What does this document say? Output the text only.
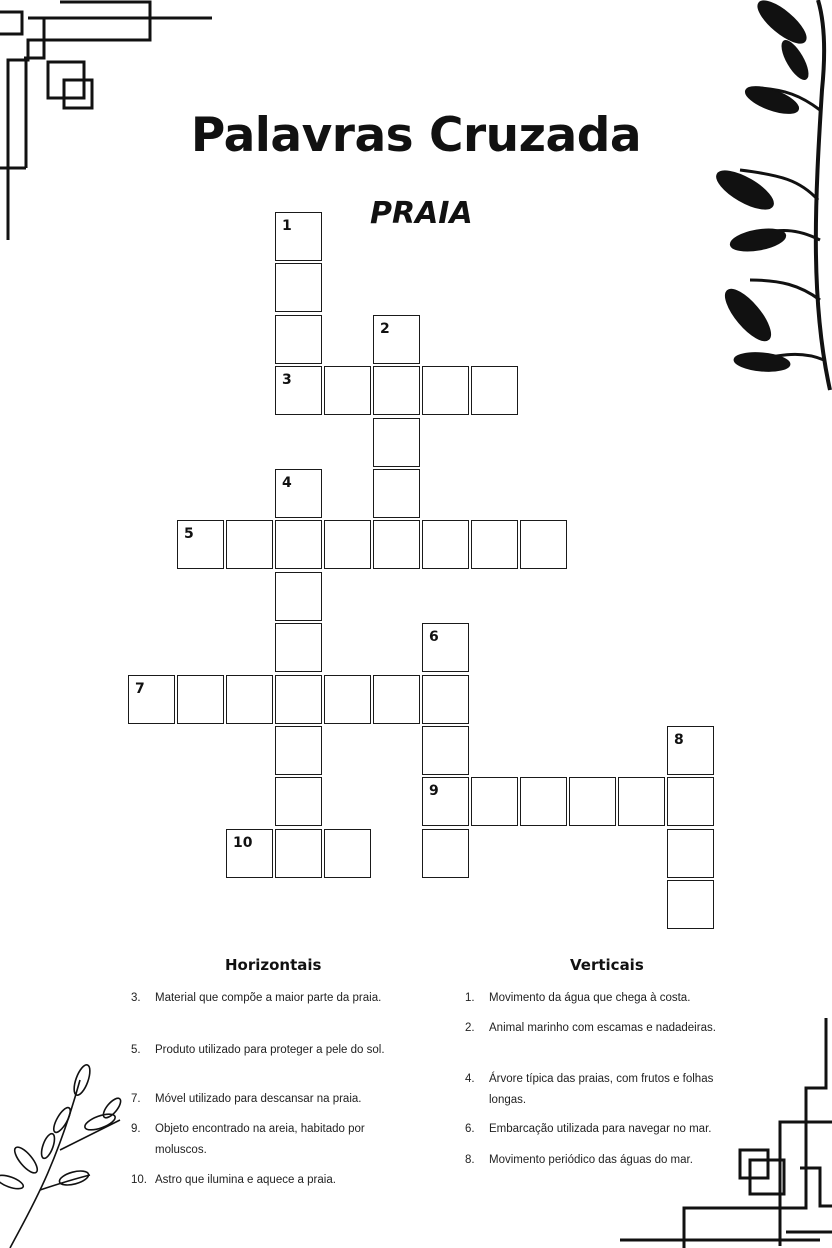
Palavras Cruzada
PRAIA
1
3
2
4
5
6
7
8
9
10
Horizontais	Verticais
3. Material que compõe a maior parte da praia.
5. Produto utilizado para proteger a pele do sol.
7. Móvel utilizado para descansar na praia.
9. Objeto encontrado na areia, habitado por moluscos.
10. Astro que ilumina e aquece a praia.
1. Movimento da água que chega à costa.
2. Animal marinho com escamas e nadadeiras.
4. Árvore típica das praias, com frutos e folhas longas.
6. Embarcação utilizada para navegar no mar.
8. Movimento periódico das águas do mar.
